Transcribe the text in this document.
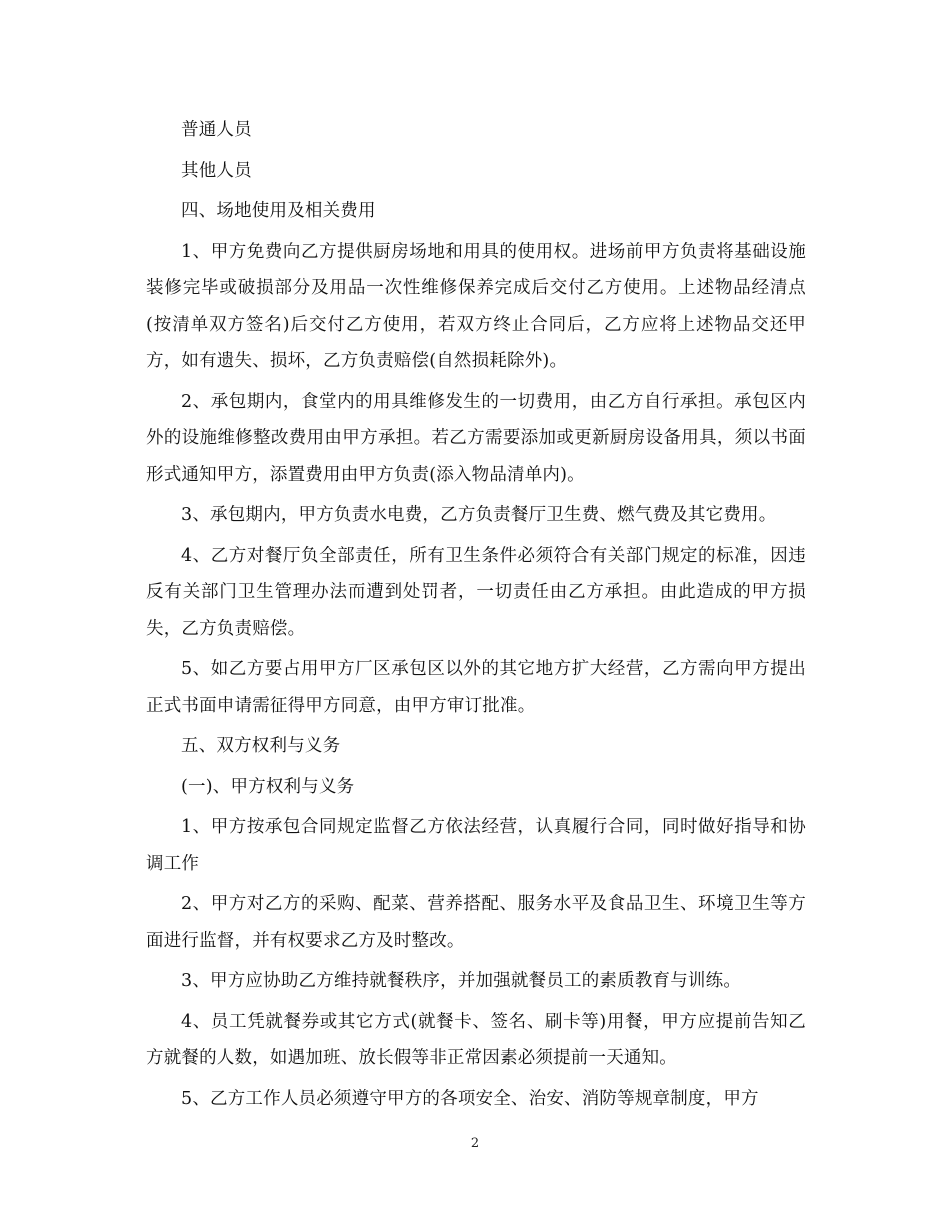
普通人员

其他人员

四、场地使用及相关费用

1、甲方免费向乙方提供厨房场地和用具的使用权。进场前甲方负责将基础设施装修完毕或破损部分及用品一次性维修保养完成后交付乙方使用。上述物品经清点(按清单双方签名)后交付乙方使用，若双方终止合同后，乙方应将上述物品交还甲方，如有遗失、损坏，乙方负责赔偿(自然损耗除外)。

2、承包期内，食堂内的用具维修发生的一切费用，由乙方自行承担。承包区内外的设施维修整改费用由甲方承担。若乙方需要添加或更新厨房设备用具，须以书面形式通知甲方，添置费用由甲方负责(添入物品清单内)。

3、承包期内，甲方负责水电费，乙方负责餐厅卫生费、燃气费及其它费用。

4、乙方对餐厅负全部责任，所有卫生条件必须符合有关部门规定的标准，因违反有关部门卫生管理办法而遭到处罚者，一切责任由乙方承担。由此造成的甲方损失，乙方负责赔偿。

5、如乙方要占用甲方厂区承包区以外的其它地方扩大经营，乙方需向甲方提出正式书面申请需征得甲方同意，由甲方审订批准。

五、双方权利与义务

(一)、甲方权利与义务

1、甲方按承包合同规定监督乙方依法经营，认真履行合同，同时做好指导和协调工作

2、甲方对乙方的采购、配菜、营养搭配、服务水平及食品卫生、环境卫生等方面进行监督，并有权要求乙方及时整改。

3、甲方应协助乙方维持就餐秩序，并加强就餐员工的素质教育与训练。

4、员工凭就餐券或其它方式(就餐卡、签名、刷卡等)用餐，甲方应提前告知乙方就餐的人数，如遇加班、放长假等非正常因素必须提前一天通知。

5、乙方工作人员必须遵守甲方的各项安全、治安、消防等规章制度，甲方

2
